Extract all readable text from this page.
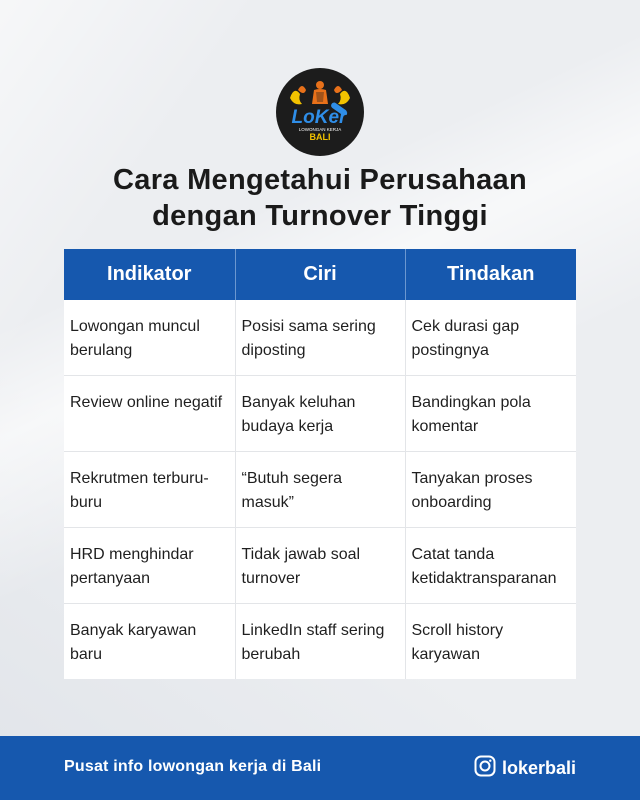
LoKer
LOWONGAN KERJA
BALI
Cara Mengetahui Perusahaan
dengan Turnover Tinggi
Indikator	Ciri	Tindakan
Lowongan muncul berulang	Posisi sama sering diposting	Cek durasi gap postingnya
Review online negatif	Banyak keluhan budaya kerja	Bandingkan pola komentar
Rekrutmen terburu-buru	“Butuh segera masuk”	Tanyakan proses onboarding
HRD menghindar pertanyaan	Tidak jawab soal turnover	Catat tanda ketidaktransparanan
Banyak karyawan baru	LinkedIn staff sering berubah	Scroll history karyawan
Pusat info lowongan kerja di Bali	lokerbali
